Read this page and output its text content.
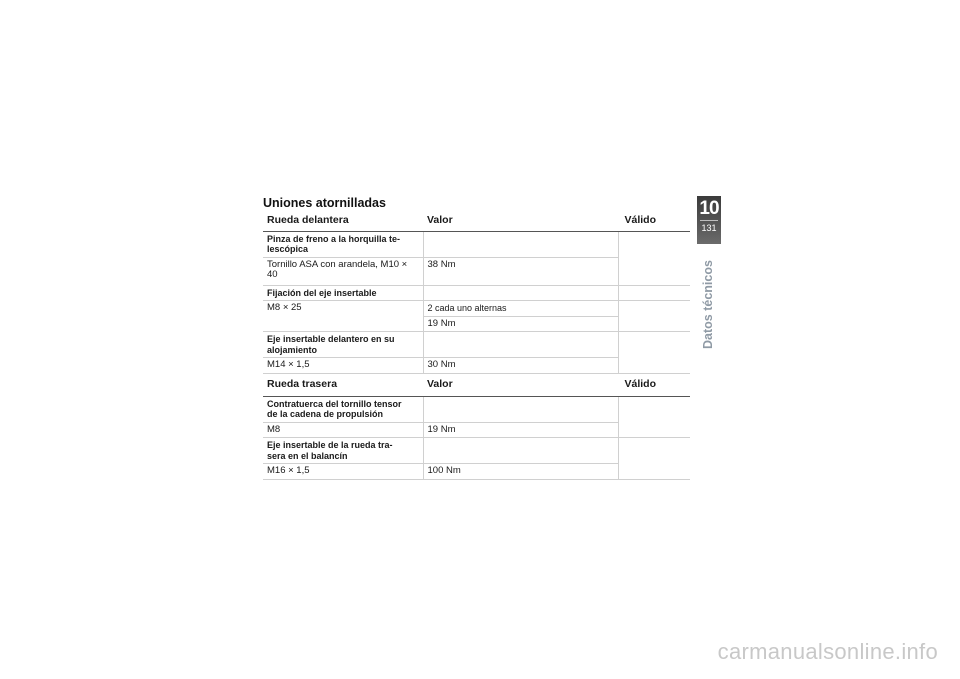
Uniones atornilladas
Rueda delantera	Valor	Válido
Pinza de freno a la horquilla te-
lescópica		
Tornillo ASA con arandela, M10 ×
40	38 Nm	
Fijación del eje insertable		
M8 × 25	2 cada uno alternas	
	19 Nm	
Eje insertable delantero en su
alojamiento		
M14 × 1,5	30 Nm	
Rueda trasera	Valor	Válido
Contratuerca del tornillo tensor
de la cadena de propulsión		
M8	19 Nm	
Eje insertable de la rueda tra-
sera en el balancín		
M16 × 1,5	100 Nm	
10
131
Datos técnicos
carmanualsonline.info
